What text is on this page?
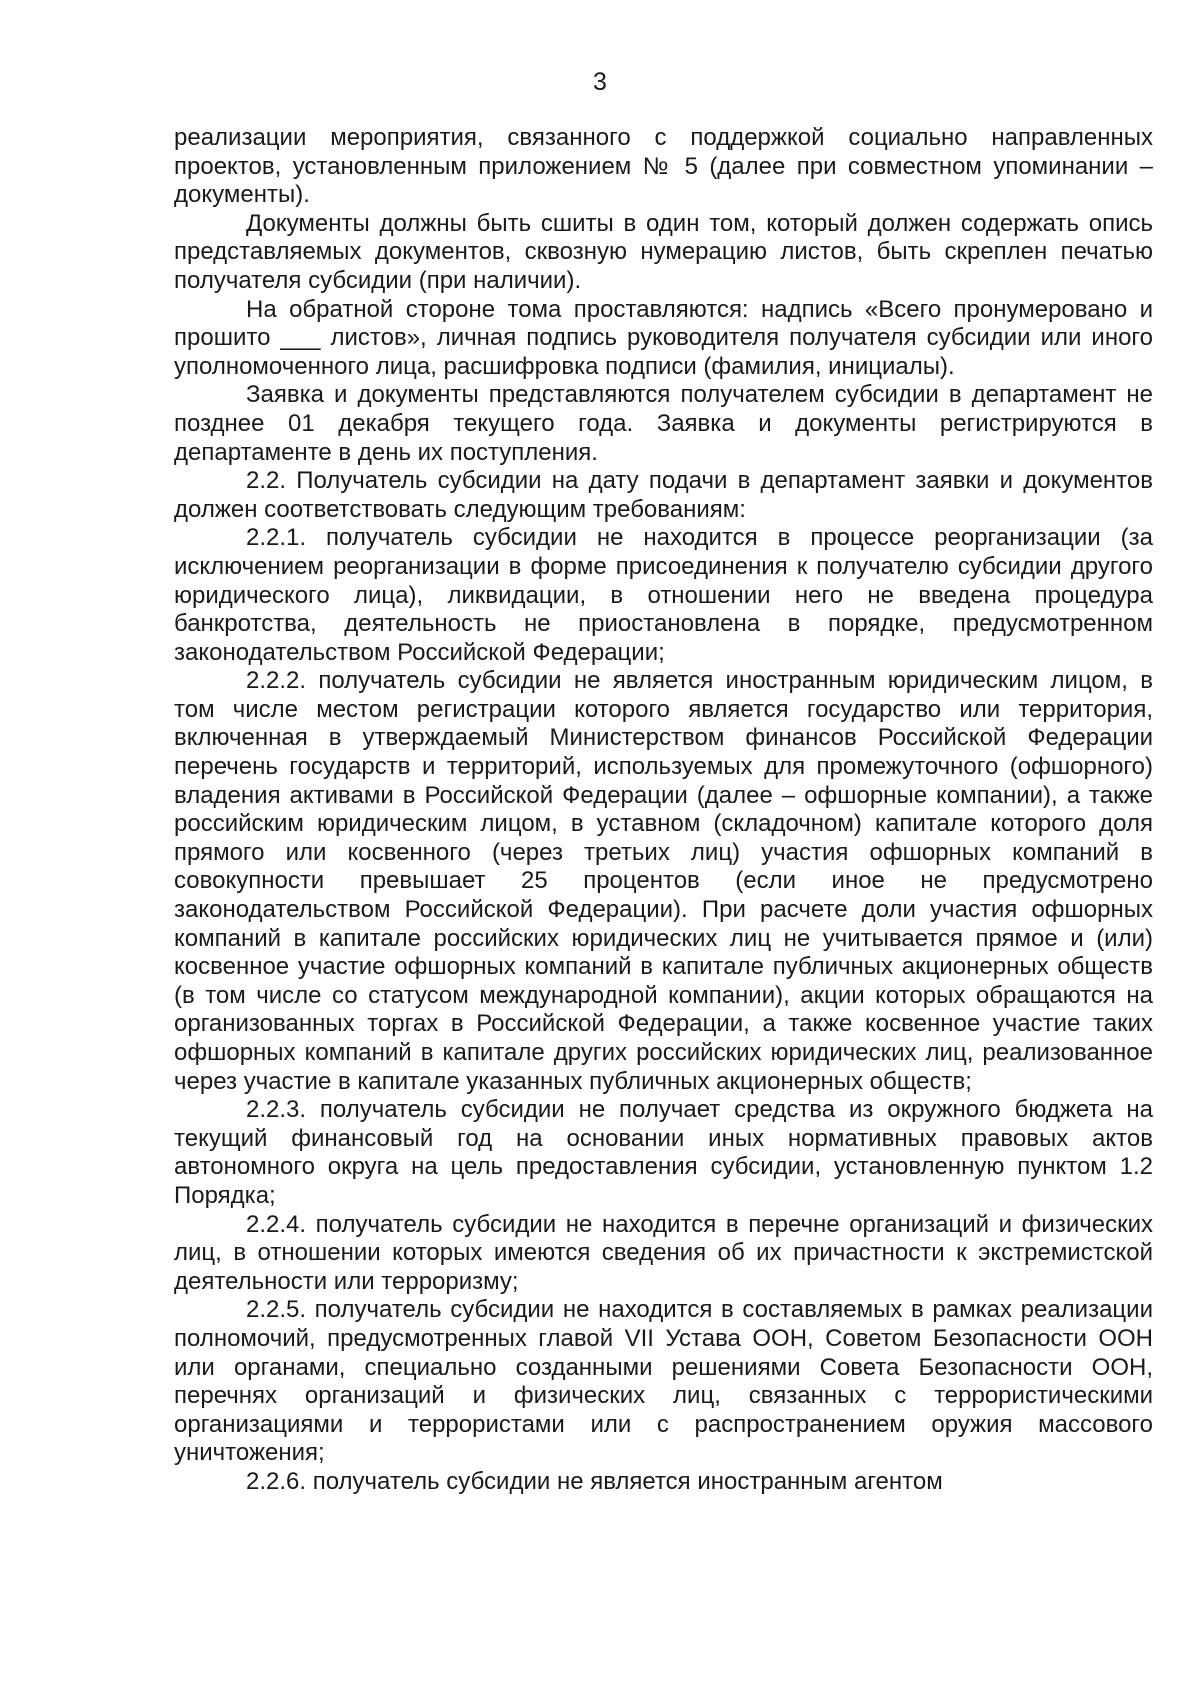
3

реализации мероприятия, связанного с поддержкой социально направленных проектов, установленным приложением № 5 (далее при совместном упоминании – документы).

Документы должны быть сшиты в один том, который должен содержать опись представляемых документов, сквозную нумерацию листов, быть скреплен печатью получателя субсидии (при наличии).

На обратной стороне тома проставляются: надпись «Всего пронумеровано и прошито ___ листов», личная подпись руководителя получателя субсидии или иного уполномоченного лица, расшифровка подписи (фамилия, инициалы).

Заявка и документы представляются получателем субсидии в департамент не позднее 01 декабря текущего года. Заявка и документы регистрируются в департаменте в день их поступления.

2.2. Получатель субсидии на дату подачи в департамент заявки и документов должен соответствовать следующим требованиям:

2.2.1. получатель субсидии не находится в процессе реорганизации (за исключением реорганизации в форме присоединения к получателю субсидии другого юридического лица), ликвидации, в отношении него не введена процедура банкротства, деятельность не приостановлена в порядке, предусмотренном законодательством Российской Федерации;

2.2.2. получатель субсидии не является иностранным юридическим лицом, в том числе местом регистрации которого является государство или территория, включенная в утверждаемый Министерством финансов Российской Федерации перечень государств и территорий, используемых для промежуточного (офшорного) владения активами в Российской Федерации (далее – офшорные компании), а также российским юридическим лицом, в уставном (складочном) капитале которого доля прямого или косвенного (через третьих лиц) участия офшорных компаний в совокупности превышает 25 процентов (если иное не предусмотрено законодательством Российской Федерации). При расчете доли участия офшорных компаний в капитале российских юридических лиц не учитывается прямое и (или) косвенное участие офшорных компаний в капитале публичных акционерных обществ (в том числе со статусом международной компании), акции которых обращаются на организованных торгах в Российской Федерации, а также косвенное участие таких офшорных компаний в капитале других российских юридических лиц, реализованное через участие в капитале указанных публичных акционерных обществ;

2.2.3. получатель субсидии не получает средства из окружного бюджета на текущий финансовый год на основании иных нормативных правовых актов автономного округа на цель предоставления субсидии, установленную пунктом 1.2 Порядка;

2.2.4. получатель субсидии не находится в перечне организаций и физических лиц, в отношении которых имеются сведения об их причастности к экстремистской деятельности или терроризму;

2.2.5. получатель субсидии не находится в составляемых в рамках реализации полномочий, предусмотренных главой VII Устава ООН, Советом Безопасности ООН или органами, специально созданными решениями Совета Безопасности ООН, перечнях организаций и физических лиц, связанных с террористическими организациями и террористами или с распространением оружия массового уничтожения;

2.2.6. получатель субсидии не является иностранным агентом
